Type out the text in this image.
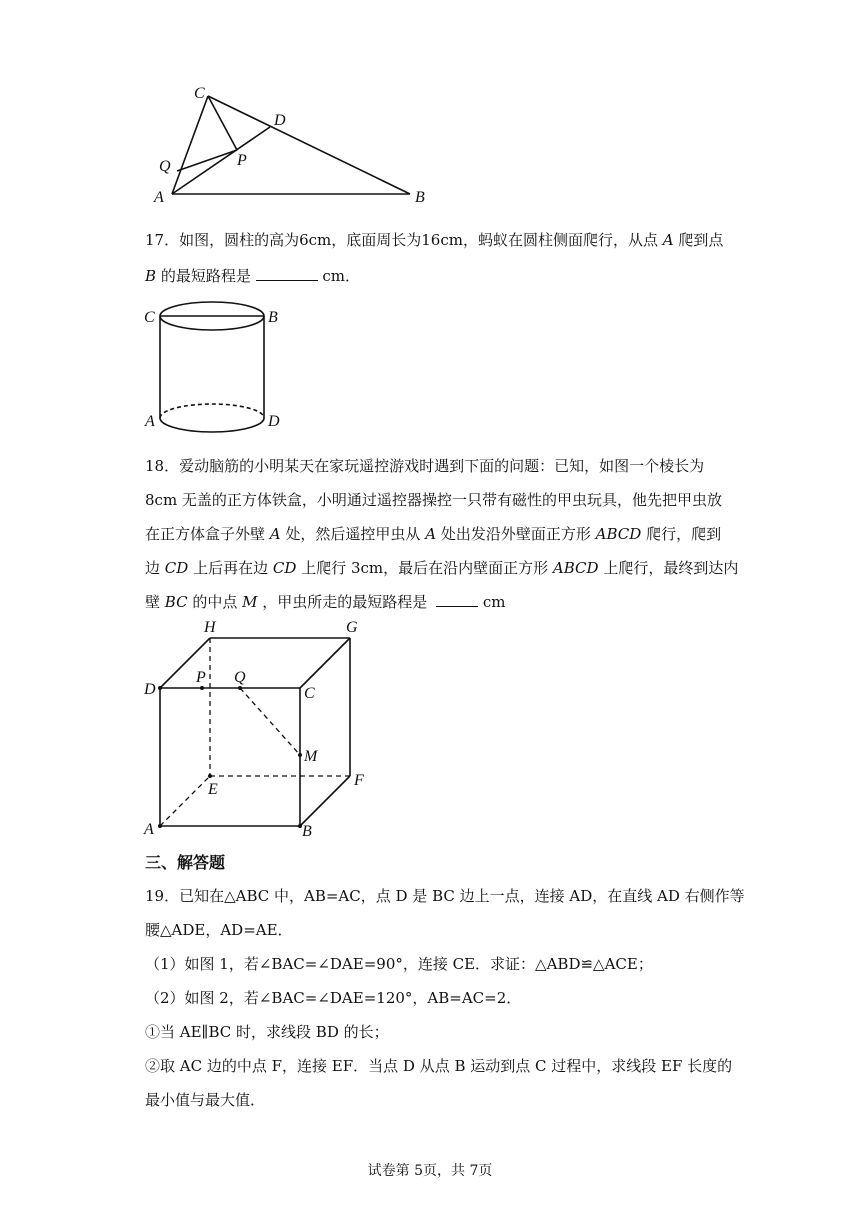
C
D
Q	P
A	B
17．如图，圆柱的高为6cm，底面周长为16cm，蚂蚁在圆柱侧面爬行，从点 A 爬到点
B 的最短路程是	cm．
C	B
A	D
18．爱动脑筋的小明某天在家玩遥控游戏时遇到下面的问题：已知，如图一个棱长为
8cm 无盖的正方体铁盒，小明通过遥控器操控一只带有磁性的甲虫玩具，他先把甲虫放
在正方体盒子外壁 A 处，然后遥控甲虫从 A 处出发沿外壁面正方形 ABCD 爬行，爬到
边 CD 上后再在边 CD 上爬行 3cm，最后在沿内壁面正方形 ABCD 上爬行，最终到达内
壁 BC 的中点 M ，甲虫所走的最短路程是	cm
H	G
D
P Q
C
M
E
F
A	B
三、解答题
19．已知在△ABC 中，AB=AC，点 D 是 BC 边上一点，连接 AD，在直线 AD 右侧作等
腰△ADE，AD=AE．
（1）如图 1，若∠BAC=∠DAE=90°，连接 CE．求证：△ABD≌△ACE；
（2）如图 2，若∠BAC=∠DAE=120°，AB=AC=2．
①当 AE∥BC 时，求线段 BD 的长；
②取 AC 边的中点 F，连接 EF．当点 D 从点 B 运动到点 C 过程中，求线段 EF 长度的
最小值与最大值．
试卷第 5页，共 7页
